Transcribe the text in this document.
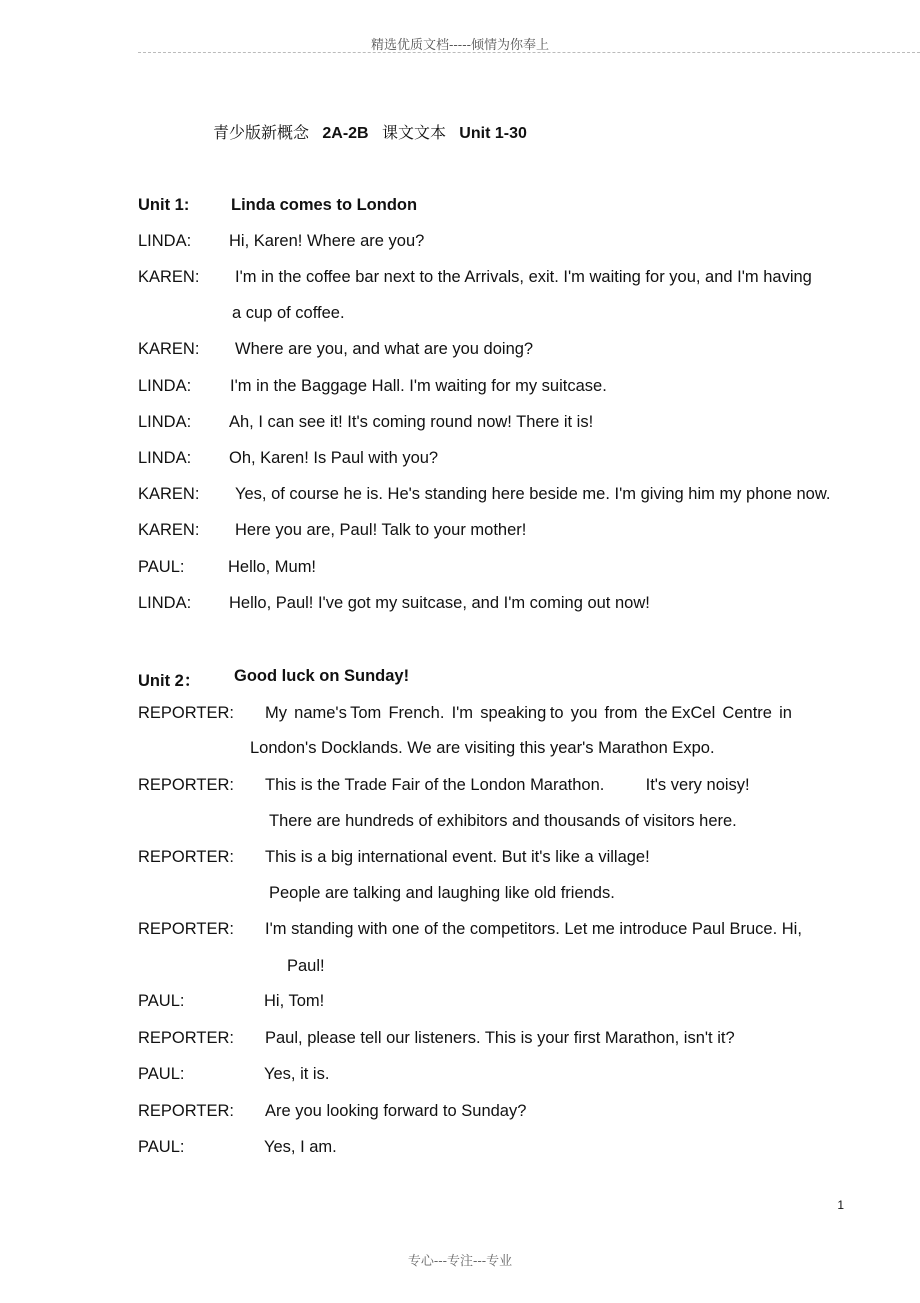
精选优质文档-----倾情为你奉上
青少版新概念 2A-2B 课文文本 Unit 1-30
Unit 1:	Linda comes to London
LINDA: Hi, Karen! Where are you?
KAREN: I'm in the coffee bar next to the Arrivals, exit. I'm waiting for you, and I'm having
a cup of coffee.
KAREN: Where are you, and what are you doing?
LINDA: I'm in the Baggage Hall. I'm waiting for my suitcase.
LINDA: Ah, I can see it! It's coming round now! There it is!
LINDA: Oh, Karen! Is Paul with you?
KAREN: Yes, of course he is. He's standing here beside me. I'm giving him my phone now.
KAREN: Here you are, Paul! Talk to your mother!
PAUL:	Hello, Mum!
LINDA: Hello, Paul! I've got my suitcase, and I'm coming out now!
Unit 2： Good luck on Sunday!
REPORTER: My  name's Tom  French.  I'm  speaking to  you  from  the ExCel  Centre  in
London's Docklands. We are visiting this year's Marathon Expo.
REPORTER: This is the Trade Fair of the London Marathon.         It's very noisy!
There are hundreds of exhibitors and thousands of visitors here.
REPORTER: This is a big international event. But it's like a village!
People are talking and laughing like old friends.
REPORTER: I'm standing with one of the competitors. Let me introduce Paul Bruce. Hi,
Paul!
PAUL:	Hi, Tom!
REPORTER: Paul, please tell our listeners. This is your first Marathon, isn't it?
PAUL:	Yes, it is.
REPORTER: Are you looking forward to Sunday?
PAUL:	Yes, I am.
1
专心---专注---专业
